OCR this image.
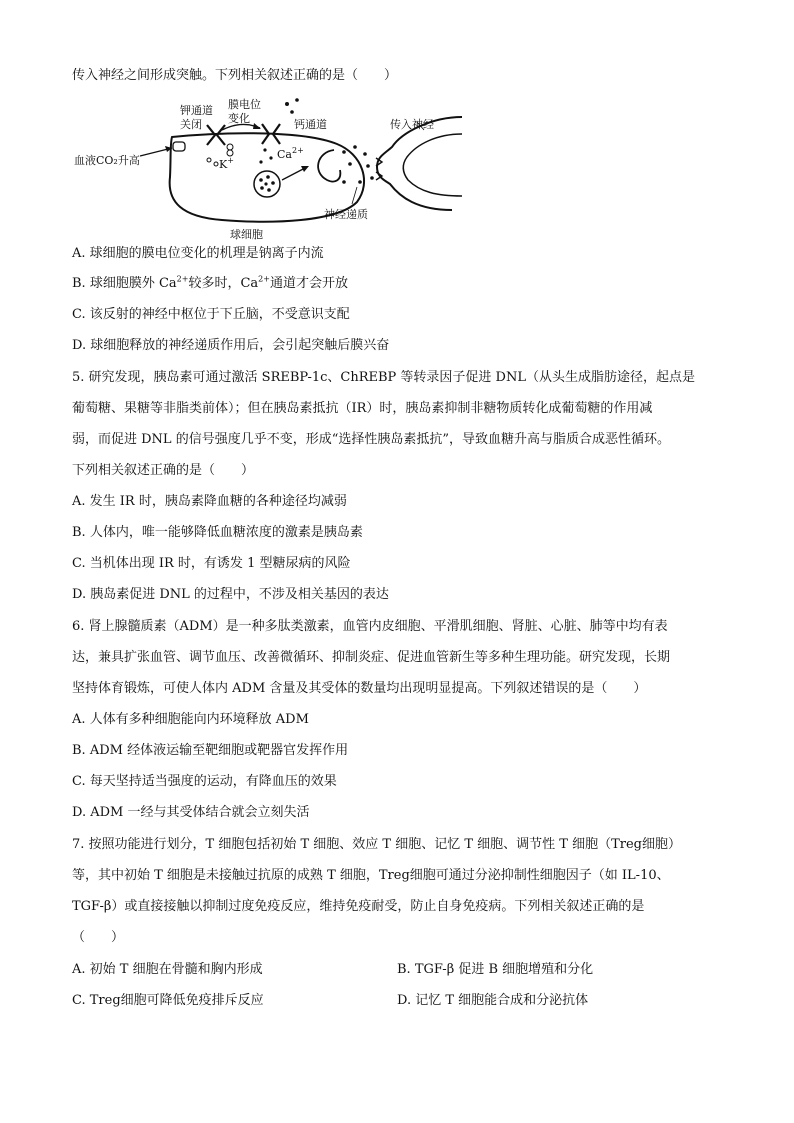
传入神经之间形成突触。下列相关叙述正确的是（　　）
钾通道
关闭
膜电位
变化	钙通道	传入神经
血液CO₂升高	K+	$Ca^{2+}$
球细胞
神经递质
A. 球细胞的膜电位变化的机理是钠离子内流
B. 球细胞膜外 $Ca^{2+}$较多时，$Ca^{2+}$通道才会开放
C. 该反射的神经中枢位于下丘脑，不受意识支配
D. 球细胞释放的神经递质作用后，会引起突触后膜兴奋
5. 研究发现，胰岛素可通过激活 SREBP-1c、ChREBP 等转录因子促进 DNL（从头生成脂肪途径，起点是
葡萄糖、果糖等非脂类前体）；但在胰岛素抵抗（IR）时，胰岛素抑制非糖物质转化成葡萄糖的作用减
弱，而促进 DNL 的信号强度几乎不变，形成“选择性胰岛素抵抗”，导致血糖升高与脂质合成恶性循环。
下列相关叙述正确的是（　　）
A. 发生 IR 时，胰岛素降血糖的各种途径均减弱
B. 人体内，唯一能够降低血糖浓度的激素是胰岛素
C. 当机体出现 IR 时，有诱发 1 型糖尿病的风险
D. 胰岛素促进 DNL 的过程中，不涉及相关基因的表达
6. 肾上腺髓质素（ADM）是一种多肽类激素，血管内皮细胞、平滑肌细胞、肾脏、心脏、肺等中均有表
达，兼具扩张血管、调节血压、改善微循环、抑制炎症、促进血管新生等多种生理功能。研究发现，长期
坚持体育锻炼，可使人体内 ADM 含量及其受体的数量均出现明显提高。下列叙述错误的是（　　）
A. 人体有多种细胞能向内环境释放 ADM
B. ADM 经体液运输至靶细胞或靶器官发挥作用
C. 每天坚持适当强度的运动，有降血压的效果
D. ADM 一经与其受体结合就会立刻失活
7. 按照功能进行划分，T 细胞包括初始 T 细胞、效应 T 细胞、记忆 T 细胞、调节性 T 细胞（Treg细胞）
等，其中初始 T 细胞是未接触过抗原的成熟 T 细胞，Treg细胞可通过分泌抑制性细胞因子（如 IL-10、
TGF-β）或直接接触以抑制过度免疫反应，维持免疫耐受，防止自身免疫病。下列相关叙述正确的是
（　　）
A. 初始 T 细胞在骨髓和胸内形成	B. TGF-β 促进 B 细胞增殖和分化
C. Treg细胞可降低免疫排斥反应	D. 记忆 T 细胞能合成和分泌抗体
